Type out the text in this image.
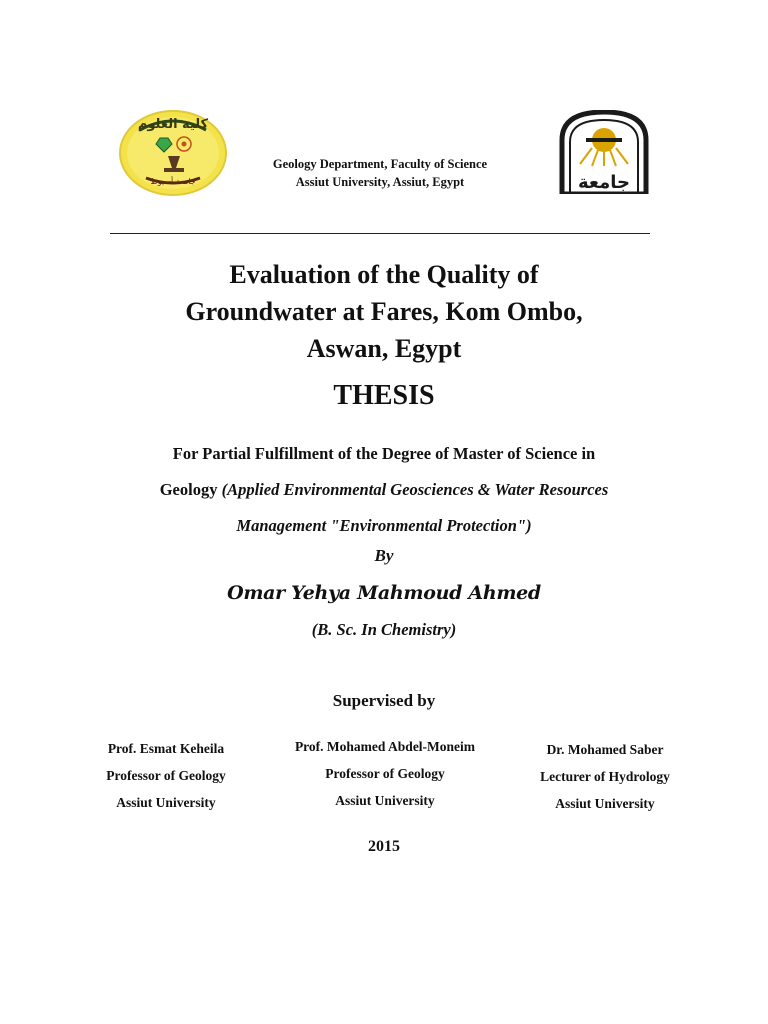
كلية العلوم
جامعة أسيوط	جامعة
Geology Department, Faculty of Science
Assiut University, Assiut, Egypt
Evaluation of the Quality of
Groundwater at Fares, Kom Ombo,
Aswan, Egypt
THESIS
For Partial Fulfillment of the Degree of Master of Science in
Geology (Applied Environmental Geosciences & Water Resources
Management "Environmental Protection")
By
Omar Yehya Mahmoud Ahmed
(B. Sc. In Chemistry)
Supervised by
Prof. Esmat Keheila
Professor of Geology
Assiut University
Prof. Mohamed Abdel-Moneim
Professor of Geology
Assiut University
Dr. Mohamed Saber
Lecturer of Hydrology
Assiut University
2015
